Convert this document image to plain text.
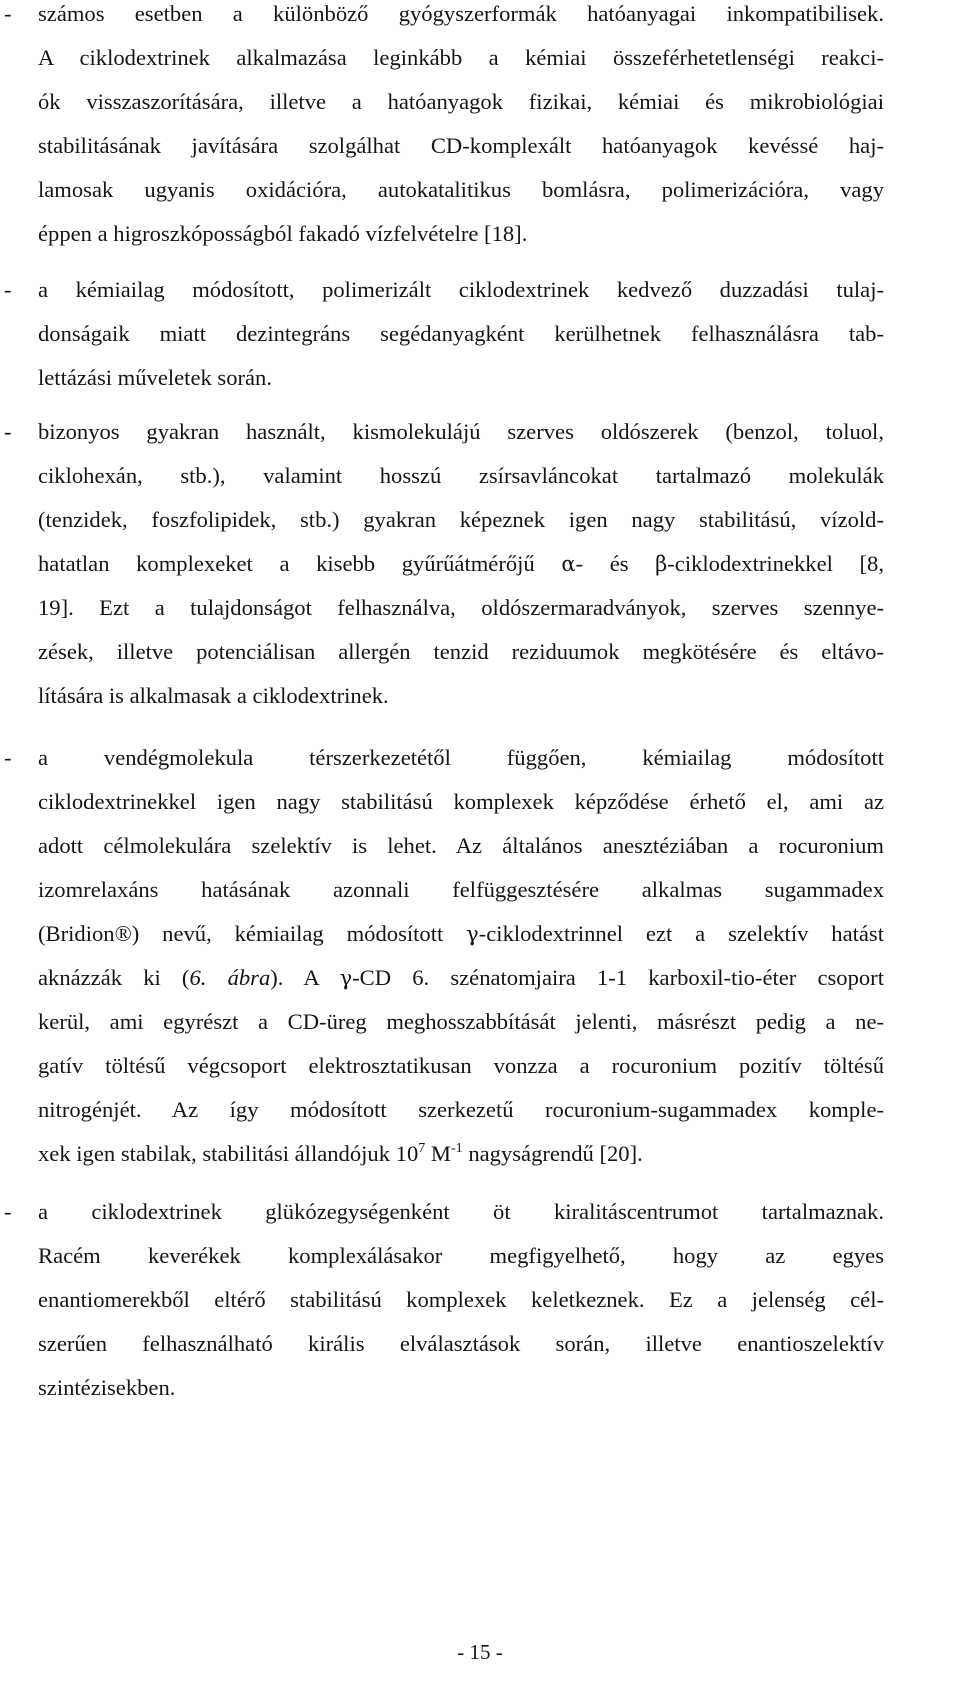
- számos esetben a különböző gyógyszerformák hatóanyagai inkompatibilisek.
A ciklodextrinek alkalmazása leginkább a kémiai összeférhetetlenségi reakci-
ók visszaszorítására, illetve a hatóanyagok fizikai, kémiai és mikrobiológiai
stabilitásának javítására szolgálhat CD-komplexált hatóanyagok kevéssé haj-
lamosak ugyanis oxidációra, autokatalitikus bomlásra, polimerizációra, vagy
éppen a higroszkóposságból fakadó vízfelvételre [18].
- a kémiailag módosított, polimerizált ciklodextrinek kedvező duzzadási tulaj-
donságaik miatt dezintegráns segédanyagként kerülhetnek felhasználásra tab-
lettázási műveletek során.
- bizonyos gyakran használt, kismolekulájú szerves oldószerek (benzol, toluol,
ciklohexán, stb.), valamint hosszú zsírsavláncokat tartalmazó molekulák
(tenzidek, foszfolipidek, stb.) gyakran képeznek igen nagy stabilitású, vízold-
hatatlan komplexeket a kisebb gyűrűátmérőjű α- és β-ciklodextrinekkel [8,
19]. Ezt a tulajdonságot felhasználva, oldószermaradványok, szerves szennye-
zések, illetve potenciálisan allergén tenzid reziduumok megkötésére és eltávo-
lítására is alkalmasak a ciklodextrinek.
- a vendégmolekula térszerkezetétől függően, kémiailag módosított
ciklodextrinekkel igen nagy stabilitású komplexek képződése érhető el, ami az
adott célmolekulára szelektív is lehet. Az általános anesztéziában a rocuronium
izomrelaxáns hatásának azonnali felfüggesztésére alkalmas sugammadex
(Bridion®) nevű, kémiailag módosított γ-ciklodextrinnel ezt a szelektív hatást
aknázzák ki (6. ábra). A γ-CD 6. szénatomjaira 1-1 karboxil-tio-éter csoport
kerül, ami egyrészt a CD-üreg meghosszabbítását jelenti, másrészt pedig a ne-
gatív töltésű végcsoport elektrosztatikusan vonzza a rocuronium pozitív töltésű
nitrogénjét. Az így módosított szerkezetű rocuronium-sugammadex komple-
xek igen stabilak, stabilitási állandójuk $10^7$ $M^{-1}$ nagyságrendű [20].
- a ciklodextrinek glükózegységenként öt kiralitáscentrumot tartalmaznak.
Racém keverékek komplexálásakor megfigyelhető, hogy az egyes
enantiomerekből eltérő stabilitású komplexek keletkeznek. Ez a jelenség cél-
szerűen felhasználható királis elválasztások során, illetve enantioszelektív
szintézisekben.
- 15 -
